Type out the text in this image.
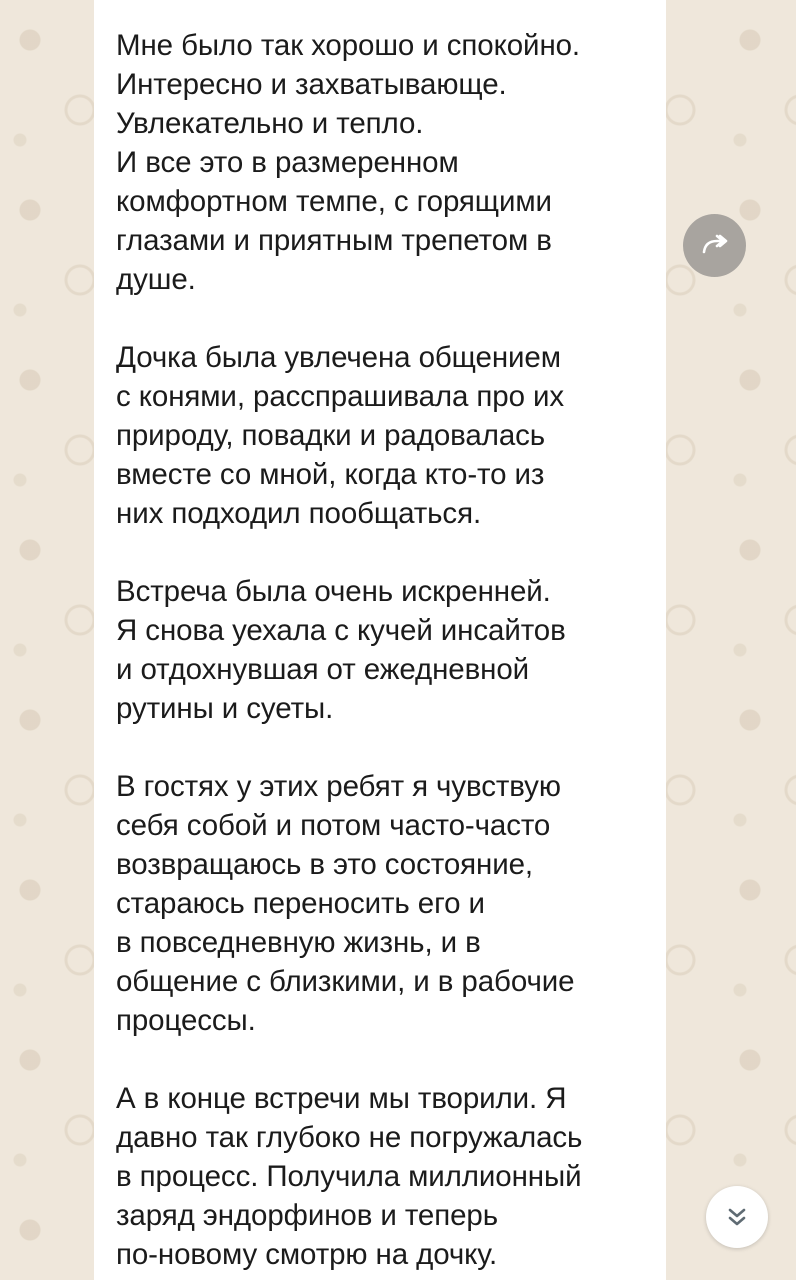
Мне было так хорошо и спокойно.
Интересно и захватывающе.
Увлекательно и тепло.
И все это в размеренном
комфортном темпе, с горящими
глазами и приятным трепетом в
душе.

Дочка была увлечена общением
с конями, расспрашивала про их
природу, повадки и радовалась
вместе со мной, когда кто-то из
них подходил пообщаться.

Встреча была очень искренней.
Я снова уехала с кучей инсайтов
и отдохнувшая от ежедневной
рутины и суеты.

В гостях у этих ребят я чувствую
себя собой и потом часто-часто
возвращаюсь в это состояние,
стараюсь переносить его и
в повседневную жизнь, и в
общение с близкими, и в рабочие
процессы.

А в конце встречи мы творили. Я
давно так глубоко не погружалась
в процесс. Получила миллионный
заряд эндорфинов и теперь
по-новому смотрю на дочку.
